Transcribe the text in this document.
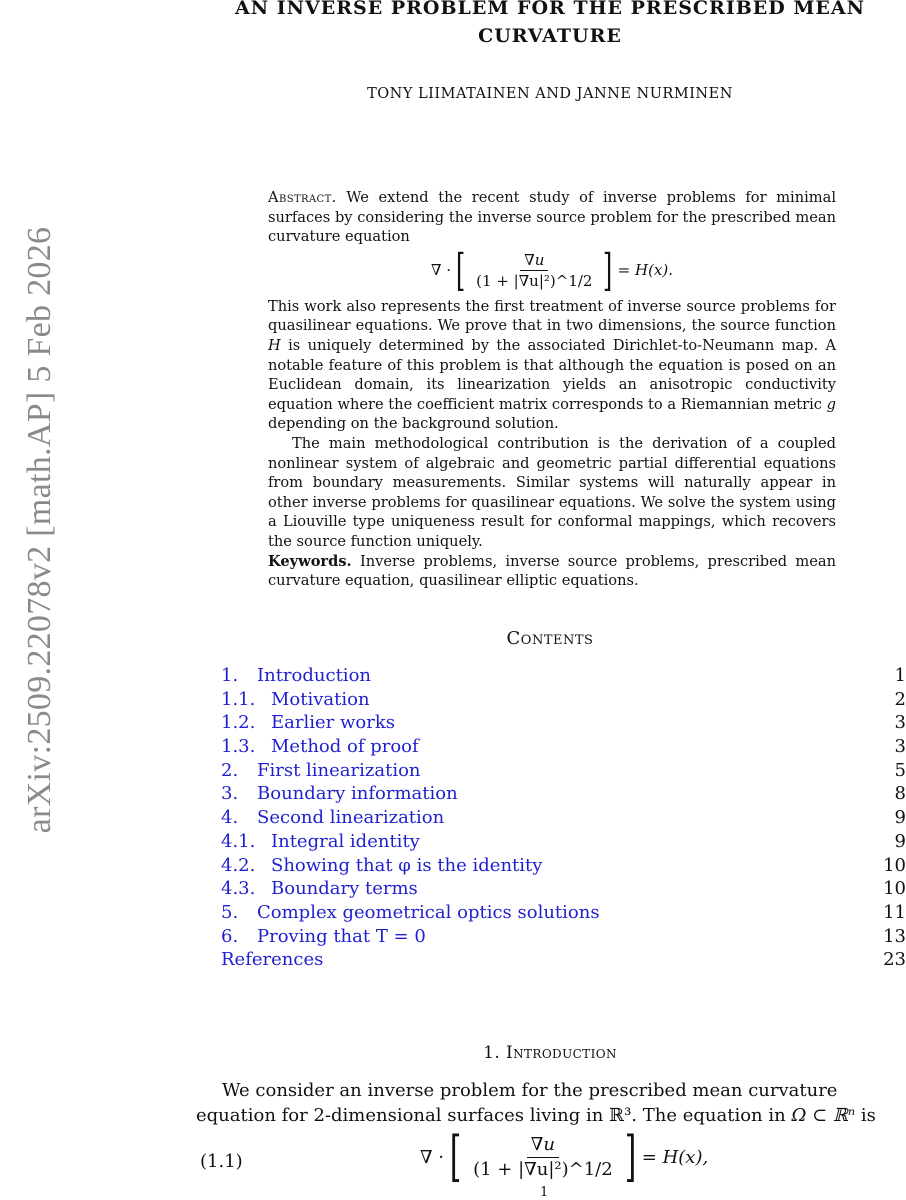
arXiv:2509.22078v2 [math.AP] 5 Feb 2026
AN INVERSE PROBLEM FOR THE PRESCRIBED MEAN
CURVATURE
TONY LIIMATAINEN AND JANNE NURMINEN

Abstract. We extend the recent study of inverse problems for minimal surfaces by considering the inverse source problem for the prescribed mean curvature equation

∇ · [ $\frac{\nabla u}{\text{(1 + |∇u|²)\textasciicircum{}1/2}}$ ] = H(x).

This work also represents the first treatment of inverse source problems for quasilinear equations. We prove that in two dimensions, the source function H is uniquely determined by the associated Dirichlet-to-Neumann map. A notable feature of this problem is that although the equation is posed on an Euclidean domain, its linearization yields an anisotropic conductivity equation where the coefficient matrix corresponds to a Riemannian metric g depending on the background solution.

The main methodological contribution is the derivation of a coupled nonlinear system of algebraic and geometric partial differential equations from boundary measurements. Similar systems will naturally appear in other inverse problems for quasilinear equations. We solve the system using a Liouville type uniqueness result for conformal mappings, which recovers the source function uniquely.

Keywords. Inverse problems, inverse source problems, prescribed mean curvature equation, quasilinear elliptic equations.

Contents
1. Introduction	1
1.1. Motivation	2
1.2. Earlier works	3
1.3. Method of proof	3
2. First linearization	5
3. Boundary information	8
4. Second linearization	9
4.1. Integral identity	9
4.2. Showing that φ is the identity	10
4.3. Boundary terms	10
5. Complex geometrical optics solutions	11
6. Proving that T = 0	13
References	23
1. Introduction

We consider an inverse problem for the prescribed mean curvature equation for 2-dimensional surfaces living in ℝ³. The equation in Ω ⊂ ℝⁿ is

(1.1)	∇ · [ $\frac{\nabla u}{\text{(1 + |∇u|²)\textasciicircum{}1/2}}$ ] = H(x),
1
